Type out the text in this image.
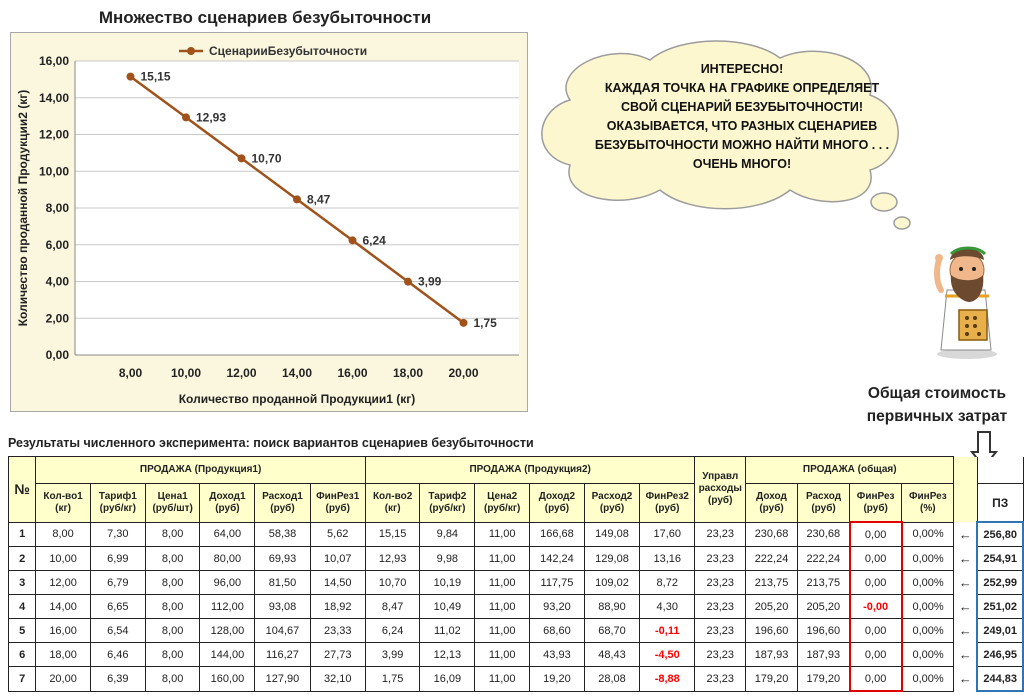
Множество сценариев безубыточности
0,00
2,00
4,00
6,00
8,00
10,00
12,00
14,00
16,00
8,00 10,00 12,00 14,00 16,00 18,00 20,00
Количество проданной Продукции1 (кг)
Количество проданной Продукции2 (кг)
15,15
12,93
10,70
8,47
6,24
3,99
1,75
СценарииБезубыточности
ИНТЕРЕСНО!
КАЖДАЯ ТОЧКА НА ГРАФИКЕ ОПРЕДЕЛЯЕТ
СВОЙ СЦЕНАРИЙ БЕЗУБЫТОЧНОСТИ!
ОКАЗЫВАЕТСЯ, ЧТО РАЗНЫХ СЦЕНАРИЕВ
БЕЗУБЫТОЧНОСТИ МОЖНО НАЙТИ МНОГО . . .
ОЧЕНЬ МНОГО!
Общая стоимость
первичных затрат
Результаты численного эксперимента: поиск вариантов сценариев безубыточности
№	ПРОДАЖА (Продукция1)						ПРОДАЖА (Продукция2)						Управл расходы (руб)	ПРОДАЖА (общая)					
	Кол-во1 (кг)	Тариф1 (руб/кг)	Цена1 (руб/шт)	Доход1 (руб)	Расход1 (руб)	ФинРез1 (руб)	Кол-во2 (кг)	Тариф2 (руб/кг)	Цена2 (руб/кг)	Доход2 (руб)	Расход2 (руб)	ФинРез2 (руб)		Доход (руб)	Расход (руб)	ФинРез (руб)	ФинРез (%)		ПЗ
1	8,00	7,30	8,00	64,00	58,38	5,62	15,15	9,84	11,00	166,68	149,08	17,60	23,23	230,68	230,68	0,00	0,00%	←	256,80
2	10,00	6,99	8,00	80,00	69,93	10,07	12,93	9,98	11,00	142,24	129,08	13,16	23,23	222,24	222,24	0,00	0,00%	←	254,91
3	12,00	6,79	8,00	96,00	81,50	14,50	10,70	10,19	11,00	117,75	109,02	8,72	23,23	213,75	213,75	0,00	0,00%	←	252,99
4	14,00	6,65	8,00	112,00	93,08	18,92	8,47	10,49	11,00	93,20	88,90	4,30	23,23	205,20	205,20	-0,00	0,00%	←	251,02
5	16,00	6,54	8,00	128,00	104,67	23,33	6,24	11,02	11,00	68,60	68,70	-0,11	23,23	196,60	196,60	0,00	0,00%	←	249,01
6	18,00	6,46	8,00	144,00	116,27	27,73	3,99	12,13	11,00	43,93	48,43	-4,50	23,23	187,93	187,93	0,00	0,00%	←	246,95
7	20,00	6,39	8,00	160,00	127,90	32,10	1,75	16,09	11,00	19,20	28,08	-8,88	23,23	179,20	179,20	0,00	0,00%	←	244,83
